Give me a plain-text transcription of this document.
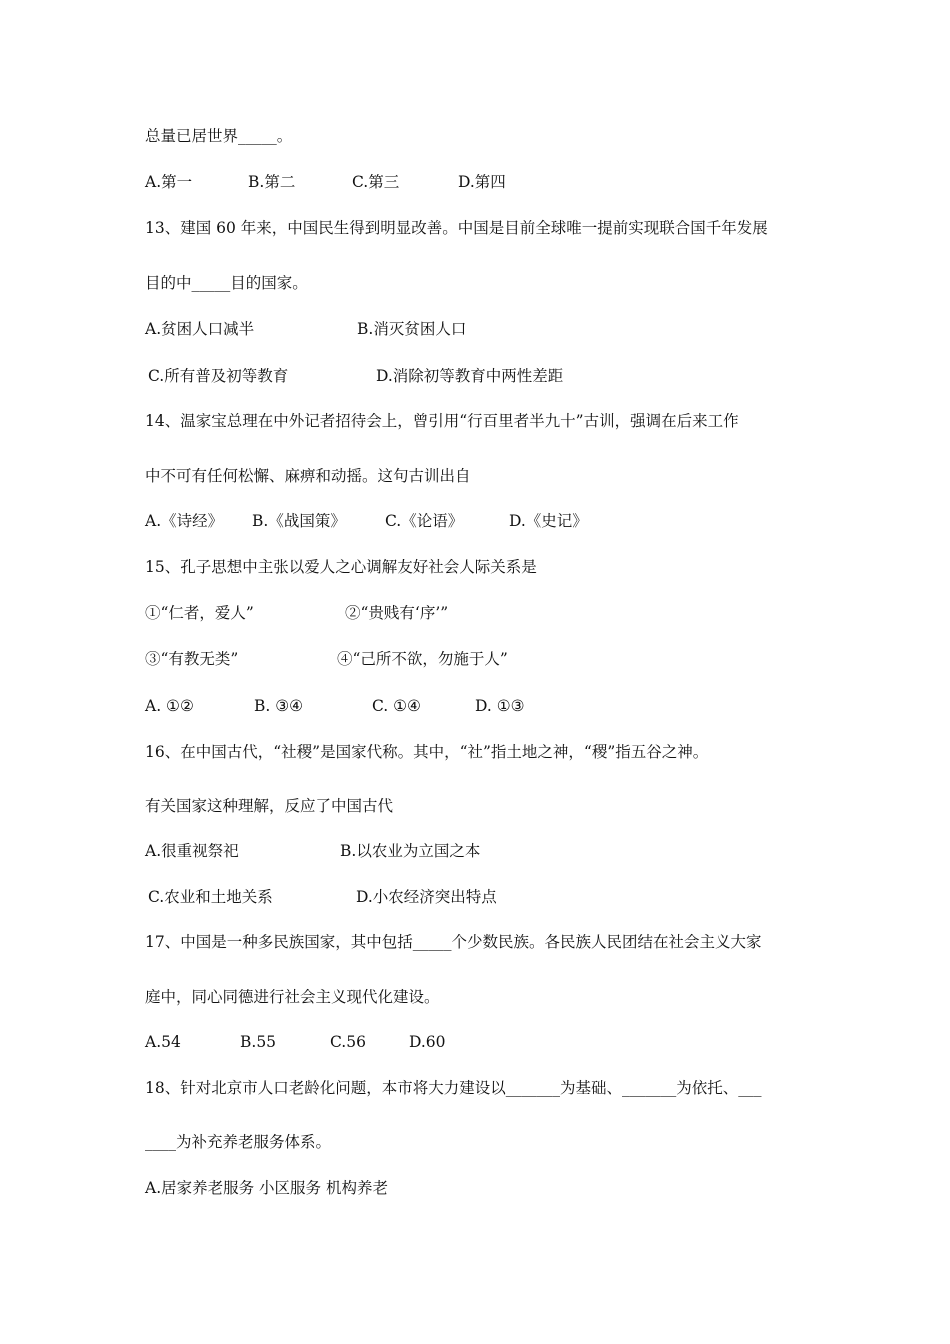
总量已居世界_____。
A.第一	B.第二	C.第三	D.第四
13、建国 60 年来，中国民生得到明显改善。中国是目前全球唯一提前实现联合国千年发展
目的中_____目的国家。
A.贫困人口减半	B.消灭贫困人口
C.所有普及初等教育	D.消除初等教育中两性差距
14、温家宝总理在中外记者招待会上，曾引用“行百里者半九十”古训，强调在后来工作
中不可有任何松懈、麻痹和动摇。这句古训出自
A.《诗经》 B.《战国策》	C.《论语》	D.《史记》
15、孔子思想中主张以爱人之心调解友好社会人际关系是
①“仁者，爱人”	②“贵贱有‘序’”
③“有教无类”	④“己所不欲，勿施于人”
A. ①②	B. ③④	C. ①④	D. ①③
16、在中国古代，“社稷”是国家代称。其中，“社”指土地之神，“稷”指五谷之神。
有关国家这种理解，反应了中国古代
A.很重视祭祀	B.以农业为立国之本
C.农业和土地关系	D.小农经济突出特点
17、中国是一种多民族国家，其中包括_____个少数民族。各民族人民团结在社会主义大家
庭中，同心同德进行社会主义现代化建设。
A.54	B.55	C.56	D.60
18、针对北京市人口老龄化问题，本市将大力建设以_______为基础、_______为依托、___
____为补充养老服务体系。
A.居家养老服务 小区服务 机构养老
